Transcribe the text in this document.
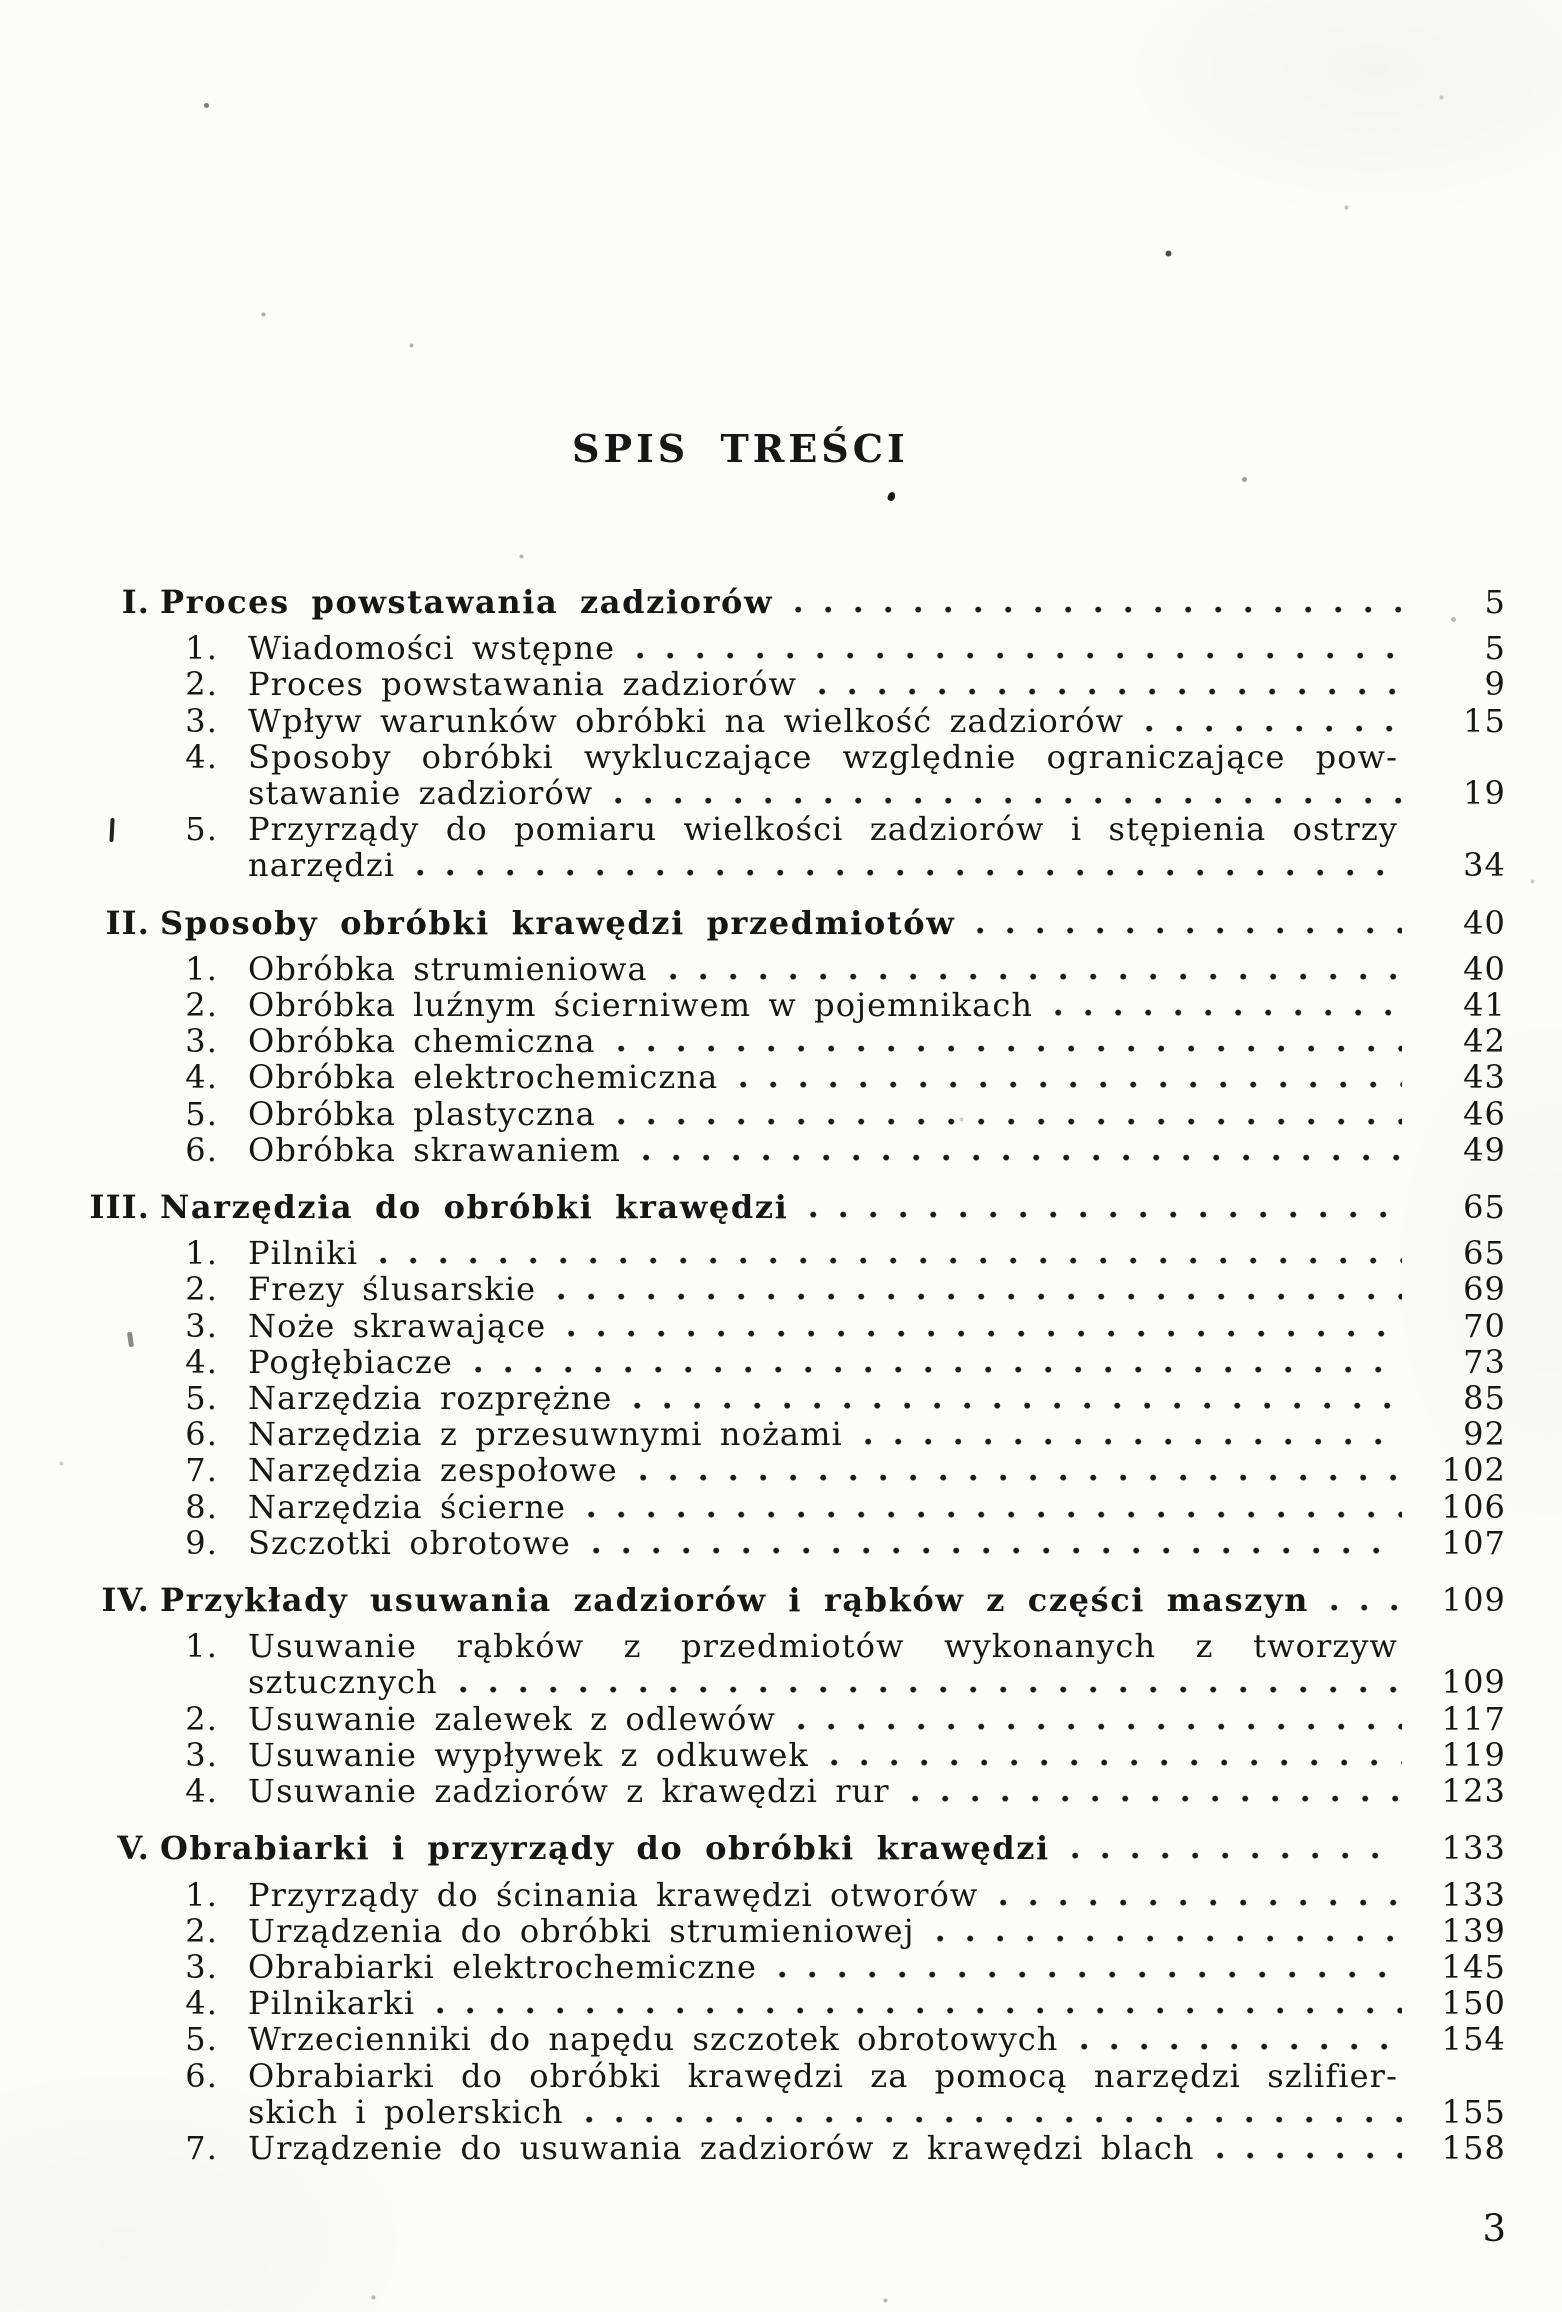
SPIS TREŚCI
I. Proces powstawania zadziorów	5
1. Wiadomości wstępne	5
2. Proces powstawania zadziorów	9
3. Wpływ warunków obróbki na wielkość zadziorów	15
4. Sposoby obróbki wykluczające względnie ograniczające pow-
stawanie zadziorów	19
5. Przyrządy do pomiaru wielkości zadziorów i stępienia ostrzy
narzędzi	34
II. Sposoby obróbki krawędzi przedmiotów	40
1. Obróbka strumieniowa	40
2. Obróbka luźnym ścierniwem w pojemnikach	41
3. Obróbka chemiczna	42
4. Obróbka elektrochemiczna	43
5. Obróbka plastyczna	46
6. Obróbka skrawaniem	49
III. Narzędzia do obróbki krawędzi	65
1. Pilniki	65
2. Frezy ślusarskie	69
3. Noże skrawające	70
4. Pogłębiacze	73
5. Narzędzia rozprężne	85
6. Narzędzia z przesuwnymi nożami	92
7. Narzędzia zespołowe	102
8. Narzędzia ścierne	106
9. Szczotki obrotowe	107
IV. Przykłady usuwania zadziorów i rąbków z części maszyn	109
1. Usuwanie rąbków z przedmiotów wykonanych z tworzyw
sztucznych	109
2. Usuwanie zalewek z odlewów	117
3. Usuwanie wypływek z odkuwek	119
4. Usuwanie zadziorów z krawędzi rur	123
V. Obrabiarki i przyrządy do obróbki krawędzi	133
1. Przyrządy do ścinania krawędzi otworów	133
2. Urządzenia do obróbki strumieniowej	139
3. Obrabiarki elektrochemiczne	145
4. Pilnikarki	150
5. Wrzecienniki do napędu szczotek obrotowych	154
6. Obrabiarki do obróbki krawędzi za pomocą narzędzi szlifier-
skich i polerskich	155
7. Urządzenie do usuwania zadziorów z krawędzi blach	158
3
